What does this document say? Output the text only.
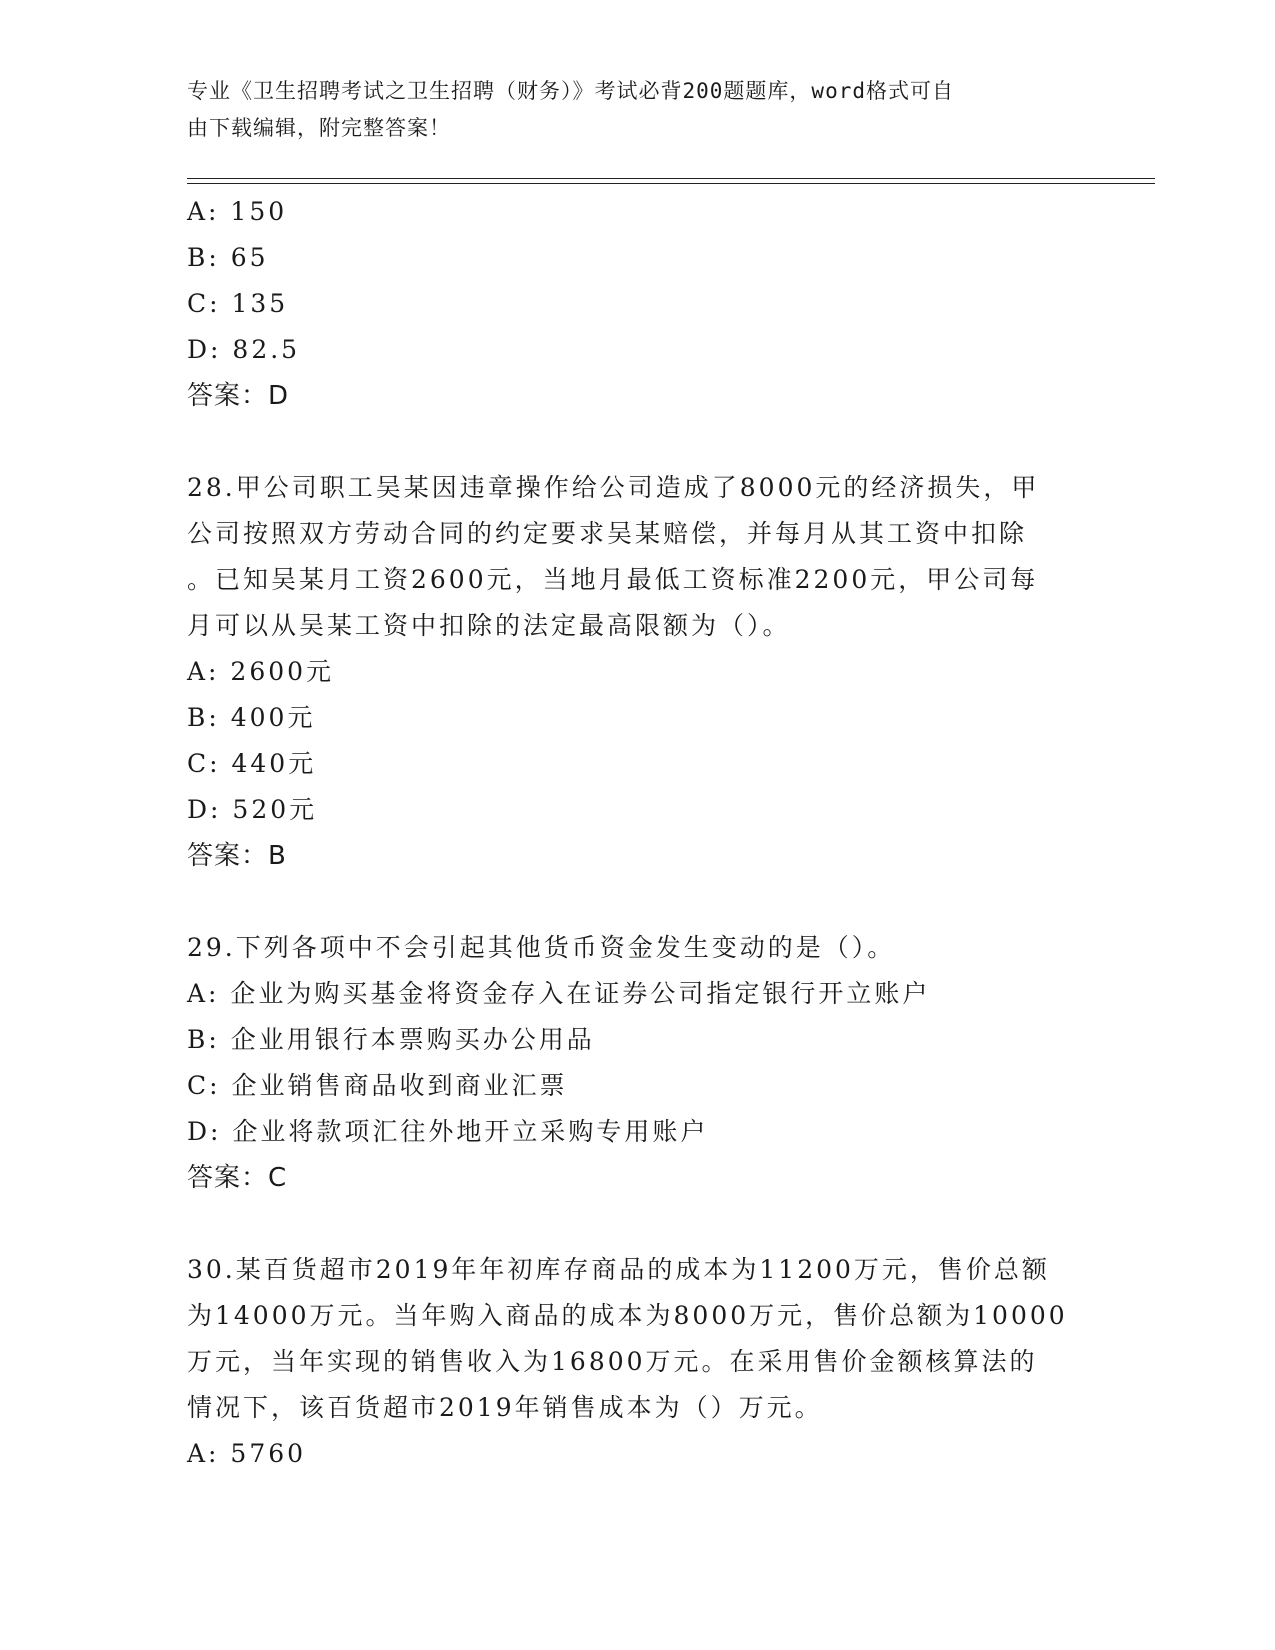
专业《卫生招聘考试之卫生招聘（财务）》考试必背200题题库，word格式可自
由下载编辑，附完整答案！
A: 150
B: 65
C: 135
D: 82.5
答案：D
28.甲公司职工吴某因违章操作给公司造成了8000元的经济损失，甲
公司按照双方劳动合同的约定要求吴某赔偿，并每月从其工资中扣除
。已知吴某月工资2600元，当地月最低工资标准2200元，甲公司每
月可以从吴某工资中扣除的法定最高限额为（）。
A: 2600元
B: 400元
C: 440元
D: 520元
答案：B
29.下列各项中不会引起其他货币资金发生变动的是（）。
A: 企业为购买基金将资金存入在证券公司指定银行开立账户
B: 企业用银行本票购买办公用品
C: 企业销售商品收到商业汇票
D: 企业将款项汇往外地开立采购专用账户
答案：C
30.某百货超市2019年年初库存商品的成本为11200万元，售价总额
为14000万元。当年购入商品的成本为8000万元，售价总额为10000
万元，当年实现的销售收入为16800万元。在采用售价金额核算法的
情况下，该百货超市2019年销售成本为（）万元。
A: 5760
